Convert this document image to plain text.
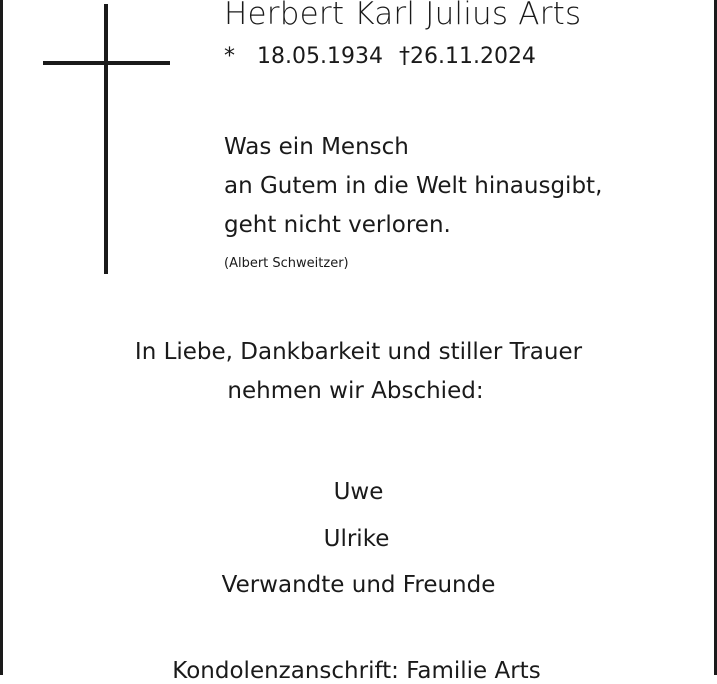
Herbert Karl Julius Arts
* 18.05.1934 †26.11.2024
Was ein Mensch
an Gutem in die Welt hinausgibt,
geht nicht verloren.
(Albert Schweitzer)
In Liebe, Dankbarkeit und stiller Trauer
nehmen wir Abschied:
Uwe
Ulrike
Verwandte und Freunde
Kondolenzanschrift: Familie Arts
